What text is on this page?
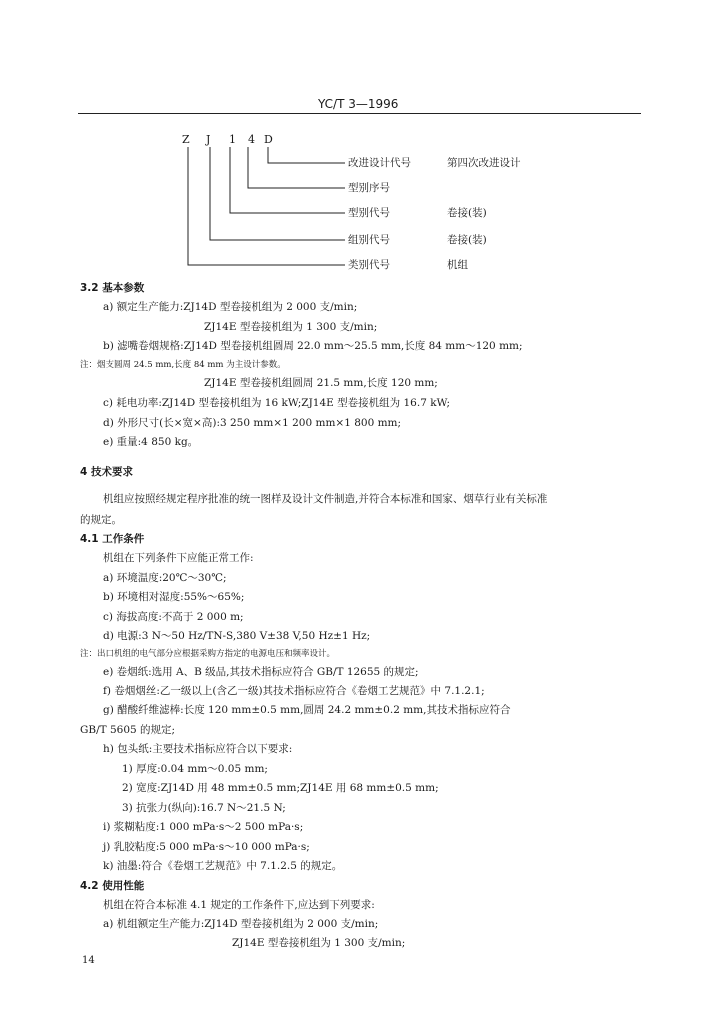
YC/T 3—1996
Z J 1 4 D
改进设计代号	第四次改进设计
型别序号
型别代号	卷接(装)
组别代号	卷接(装)
类别代号	机组
3.2 基本参数
a) 额定生产能力:ZJ14D 型卷接机组为 2 000 支/min;
ZJ14E 型卷接机组为 1 300 支/min;
b) 滤嘴卷烟规格:ZJ14D 型卷接机组圆周 22.0 mm～25.5 mm,长度 84 mm～120 mm;
注：烟支圆周 24.5 mm,长度 84 mm 为主设计参数。
ZJ14E 型卷接机组圆周 21.5 mm,长度 120 mm;
c) 耗电功率:ZJ14D 型卷接机组为 16 kW;ZJ14E 型卷接机组为 16.7 kW;
d) 外形尺寸(长×宽×高):3 250 mm×1 200 mm×1 800 mm;
e) 重量:4 850 kg。
4 技术要求
机组应按照经规定程序批准的统一图样及设计文件制造,并符合本标准和国家、烟草行业有关标准
的规定。
4.1 工作条件
机组在下列条件下应能正常工作:
a) 环境温度:20℃～30℃;
b) 环境相对湿度:55%～65%;
c) 海拔高度:不高于 2 000 m;
d) 电源:3 N～50 Hz/TN-S,380 V±38 V,50 Hz±1 Hz;
注：出口机组的电气部分应根据采购方指定的电源电压和频率设计。
e) 卷烟纸:选用 A、B 级品,其技术指标应符合 GB/T 12655 的规定;
f) 卷烟烟丝:乙一级以上(含乙一级)其技术指标应符合《卷烟工艺规范》中 7.1.2.1;
g) 醋酸纤维滤棒:长度 120 mm±0.5 mm,圆周 24.2 mm±0.2 mm,其技术指标应符合
GB/T 5605 的规定;
h) 包头纸:主要技术指标应符合以下要求:
1) 厚度:0.04 mm～0.05 mm;
2) 宽度:ZJ14D 用 48 mm±0.5 mm;ZJ14E 用 68 mm±0.5 mm;
3) 抗张力(纵向):16.7 N～21.5 N;
i) 浆糊粘度:1 000 mPa·s～2 500 mPa·s;
j) 乳胶粘度:5 000 mPa·s～10 000 mPa·s;
k) 油墨:符合《卷烟工艺规范》中 7.1.2.5 的规定。
4.2 使用性能
机组在符合本标准 4.1 规定的工作条件下,应达到下列要求:
a) 机组额定生产能力:ZJ14D 型卷接机组为 2 000 支/min;
ZJ14E 型卷接机组为 1 300 支/min;
14
